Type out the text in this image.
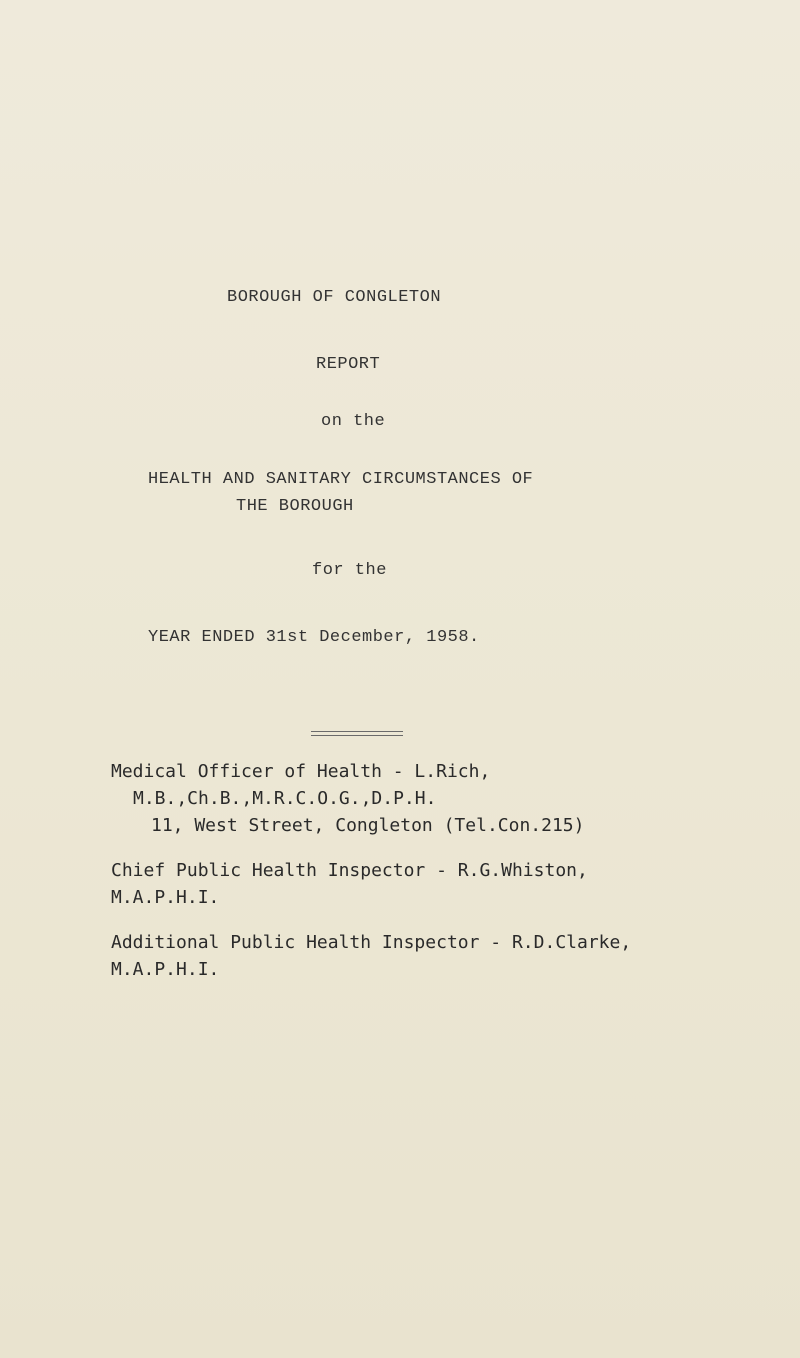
BOROUGH OF CONGLETON
REPORT
on the
HEALTH AND SANITARY CIRCUMSTANCES OF
THE BOROUGH
for the
YEAR ENDED 31st December, 1958.
Medical Officer of Health - L.Rich,
M.B.,Ch.B.,M.R.C.O.G.,D.P.H.
11, West Street, Congleton (Tel.Con.215)
Chief Public Health Inspector - R.G.Whiston,
M.A.P.H.I.
Additional Public Health Inspector - R.D.Clarke,
M.A.P.H.I.
